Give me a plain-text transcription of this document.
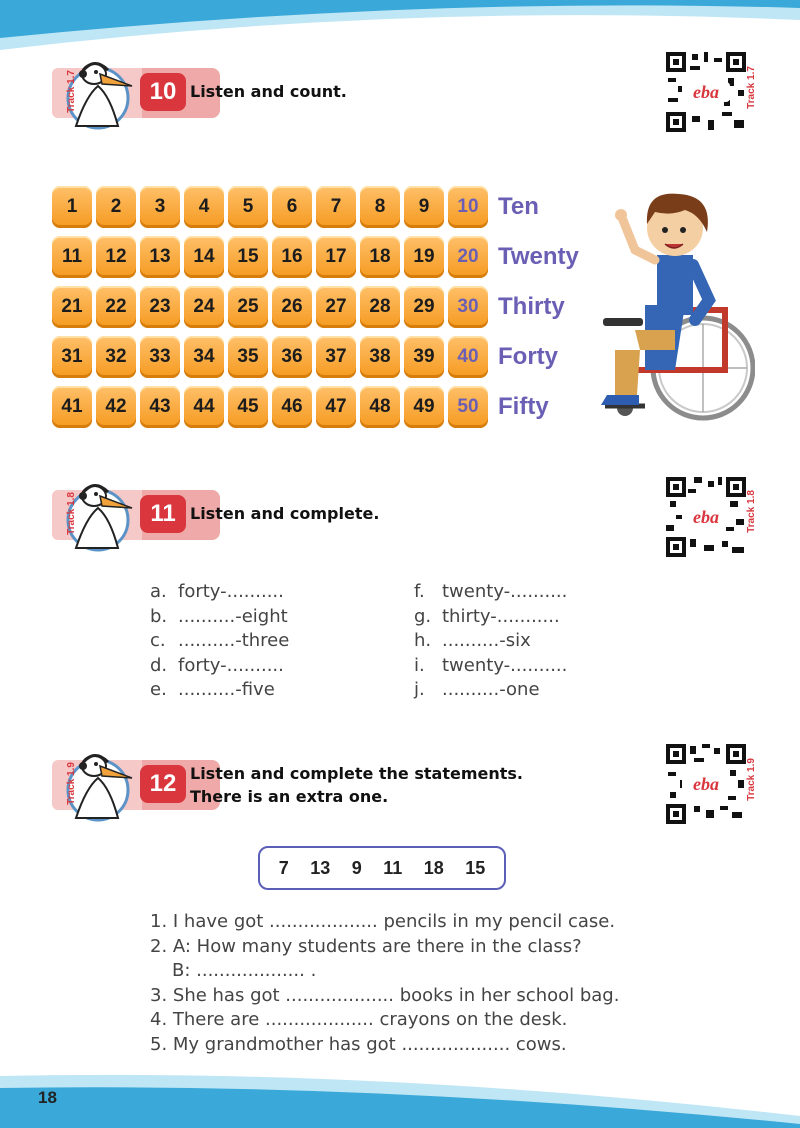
18
Track 1.7	10 Listen and count.	eba	Track 1.7
1	2	3	4	5	6	7	8	9	10 Ten
11	12	13	14	15	16	17	18	19	20 Twenty
21	22	23	24	25	26	27	28	29	30 Thirty
31	32	33	34	35	36	37	38	39	40 Forty
41	42	43	44	45	46	47	48	49	50 Fifty
Track 1.8	11 Listen and complete.	eba	Track 1.8
a. forty-..........
b. ..........-eight
c. ..........-three
d. forty-..........
e. ..........-five
f. twenty-..........
g. thirty-...........
h. ..........-six
i. twenty-..........
j. ..........-one
Track 1.9	12 Listen and complete the statements.
There is an extra one.
eba	Track 1.9
7 13 9 11 18 15
1. I have got ................... pencils in my pencil case.
2. A: How many students are there in the class?
B: ................... .
3. She has got ................... books in her school bag.
4. There are ................... crayons on the desk.
5. My grandmother has got ................... cows.
